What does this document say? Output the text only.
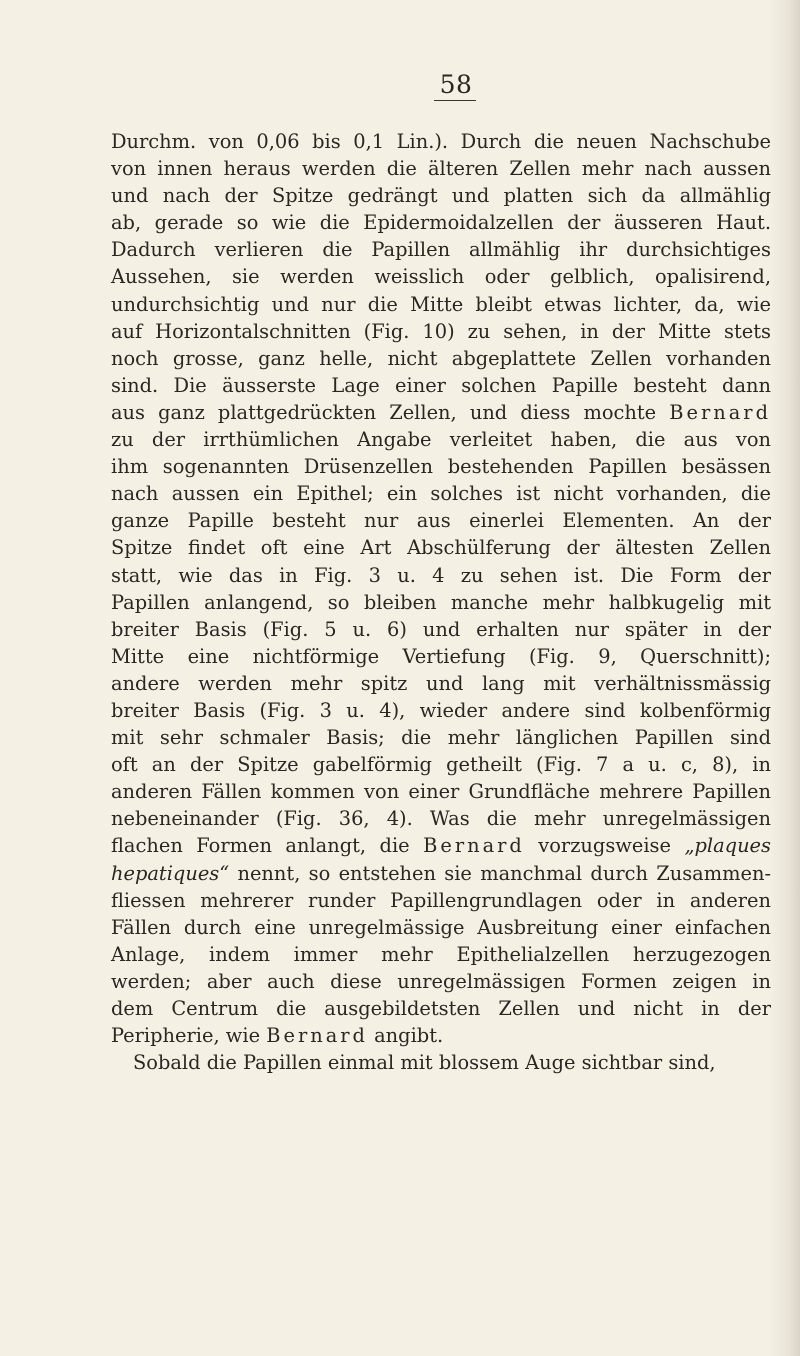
58
Durchm. von 0,06 bis 0,1 Lin.). Durch die neuen Nachschube
von innen heraus werden die älteren Zellen mehr nach aussen
und nach der Spitze gedrängt und platten sich da allmählig
ab, gerade so wie die Epidermoidalzellen der äusseren Haut.
Dadurch verlieren die Papillen allmählig ihr durchsichtiges
Aussehen, sie werden weisslich oder gelblich, opalisirend,
undurchsichtig und nur die Mitte bleibt etwas lichter, da, wie
auf Horizontalschnitten (Fig. 10) zu sehen, in der Mitte stets
noch grosse, ganz helle, nicht abgeplattete Zellen vorhanden
sind. Die äusserste Lage einer solchen Papille besteht dann
aus ganz plattgedrückten Zellen, und diess mochte Bernard
zu der irrthümlichen Angabe verleitet haben, die aus von
ihm sogenannten Drüsenzellen bestehenden Papillen besässen
nach aussen ein Epithel; ein solches ist nicht vorhanden, die
ganze Papille besteht nur aus einerlei Elementen. An der
Spitze findet oft eine Art Abschülferung der ältesten Zellen
statt, wie das in Fig. 3 u. 4 zu sehen ist. Die Form der
Papillen anlangend, so bleiben manche mehr halbkugelig mit
breiter Basis (Fig. 5 u. 6) und erhalten nur später in der
Mitte eine nichtförmige Vertiefung (Fig. 9, Querschnitt);
andere werden mehr spitz und lang mit verhältnissmässig
breiter Basis (Fig. 3 u. 4), wieder andere sind kolbenförmig
mit sehr schmaler Basis; die mehr länglichen Papillen sind
oft an der Spitze gabelförmig getheilt (Fig. 7 a u. c, 8), in
anderen Fällen kommen von einer Grundfläche mehrere Papillen
nebeneinander (Fig. 36, 4). Was die mehr unregelmässigen
flachen Formen anlangt, die Bernard vorzugsweise „plaques
hepatiques“ nennt, so entstehen sie manchmal durch Zusammen-
fliessen mehrerer runder Papillengrundlagen oder in anderen
Fällen durch eine unregelmässige Ausbreitung einer einfachen
Anlage, indem immer mehr Epithelialzellen herzugezogen
werden; aber auch diese unregelmässigen Formen zeigen in
dem Centrum die ausgebildetsten Zellen und nicht in der
Peripherie, wie Bernard angibt.
Sobald die Papillen einmal mit blossem Auge sichtbar sind,
